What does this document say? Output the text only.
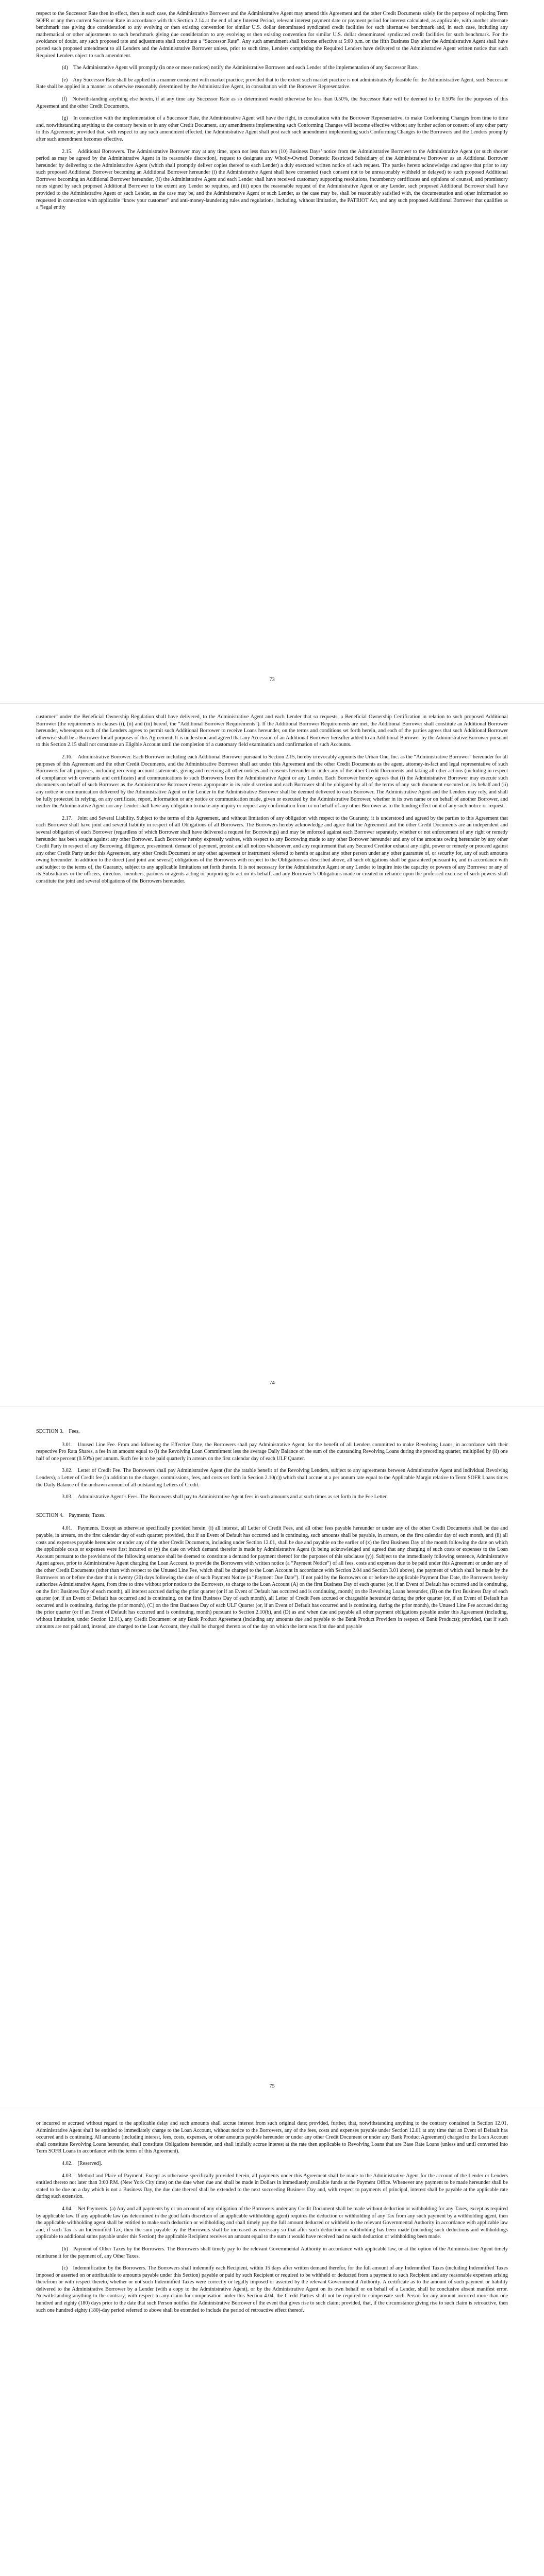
respect to the Successor Rate then in effect, then in each case, the Administrative Borrower and the Administrative Agent may amend this Agreement and the other Credit Documents solely for the purpose of replacing Term SOFR or any then current Successor Rate in accordance with this Section 2.14 at the end of any Interest Period, relevant interest payment date or payment period for interest calculated, as applicable, with another alternate benchmark rate giving due consideration to any evolving or then existing convention for similar U.S. dollar denominated syndicated credit facilities for such alternative benchmark and, in each case, including any mathematical or other adjustments to such benchmark giving due consideration to any evolving or then existing convention for similar U.S. dollar denominated syndicated credit facilities for such benchmark. For the avoidance of doubt, any such proposed rate and adjustments shall constitute a “Successor Rate”. Any such amendment shall become effective at 5:00 p.m. on the fifth Business Day after the Administrative Agent shall have posted such proposed amendment to all Lenders and the Administrative Borrower unless, prior to such time, Lenders comprising the Required Lenders have delivered to the Administrative Agent written notice that such Required Lenders object to such amendment.

(d) The Administrative Agent will promptly (in one or more notices) notify the Administrative Borrower and each Lender of the implementation of any Successor Rate.

(e) Any Successor Rate shall be applied in a manner consistent with market practice; provided that to the extent such market practice is not administratively feasible for the Administrative Agent, such Successor Rate shall be applied in a manner as otherwise reasonably determined by the Administrative Agent, in consultation with the Borrower Representative.

(f) Notwithstanding anything else herein, if at any time any Successor Rate as so determined would otherwise be less than 0.50%, the Successor Rate will be deemed to be 0.50% for the purposes of this Agreement and the other Credit Documents.

(g) In connection with the implementation of a Successor Rate, the Administrative Agent will have the right, in consultation with the Borrower Representative, to make Conforming Changes from time to time and, notwithstanding anything to the contrary herein or in any other Credit Document, any amendments implementing such Conforming Changes will become effective without any further action or consent of any other party to this Agreement; provided that, with respect to any such amendment effected, the Administrative Agent shall post each such amendment implementing such Conforming Changes to the Borrowers and the Lenders promptly after such amendment becomes effective.

2.15. Additional Borrowers. The Administrative Borrower may at any time, upon not less than ten (10) Business Days’ notice from the Administrative Borrower to the Administrative Agent (or such shorter period as may be agreed by the Administrative Agent in its reasonable discretion), request to designate any Wholly-Owned Domestic Restricted Subsidiary of the Administrative Borrower as an Additional Borrower hereunder by delivering to the Administrative Agent (which shall promptly deliver copies thereof to each Lender) a duly executed written notice of such request. The parties hereto acknowledge and agree that prior to any such proposed Additional Borrower becoming an Additional Borrower hereunder (i) the Administrative Agent shall have consented (such consent not to be unreasonably withheld or delayed) to such proposed Additional Borrower becoming an Additional Borrower hereunder, (ii) the Administrative Agent and each Lender shall have received customary supporting resolutions, incumbency certificates and opinions of counsel, and promissory notes signed by such proposed Additional Borrower to the extent any Lender so requires, and (iii) upon the reasonable request of the Administrative Agent or any Lender, such proposed Additional Borrower shall have provided to the Administrative Agent or such Lender, as the case may be, and the Administrative Agent or such Lender, as the case may be, shall be reasonably satisfied with, the documentation and other information so requested in connection with applicable “know your customer” and anti-money-laundering rules and regulations, including, without limitation, the PATRIOT Act, and any such proposed Additional Borrower that qualifies as a “legal entity

73

customer” under the Beneficial Ownership Regulation shall have delivered, to the Administrative Agent and each Lender that so requests, a Beneficial Ownership Certification in relation to such proposed Additional Borrower (the requirements in clauses (i), (ii) and (iii) hereof, the “Additional Borrower Requirements”). If the Additional Borrower Requirements are met, the Additional Borrower shall constitute an Additional Borrower hereunder, whereupon each of the Lenders agrees to permit such Additional Borrower to receive Loans hereunder, on the terms and conditions set forth herein, and each of the parties agrees that such Additional Borrower otherwise shall be a Borrower for all purposes of this Agreement. It is understood and agreed that any Accession of an Additional Borrower hereafter added to an Additional Borrower by the Administrative Borrower pursuant to this Section 2.15 shall not constitute an Eligible Account until the completion of a customary field examination and confirmation of such Accounts.

2.16. Administrative Borrower. Each Borrower including each Additional Borrower pursuant to Section 2.15, hereby irrevocably appoints the Urban One, Inc. as the “Administrative Borrower” hereunder for all purposes of this Agreement and the other Credit Documents, and the Administrative Borrower shall act under this Agreement and the other Credit Documents as the agent, attorney-in-fact and legal representative of such Borrowers for all purposes, including receiving account statements, giving and receiving all other notices and consents hereunder or under any of the other Credit Documents and taking all other actions (including in respect of compliance with covenants and certificates) and communications to such Borrowers from the Administrative Agent or any Lender. Each Borrower hereby agrees that (i) the Administrative Borrower may execute such documents on behalf of such Borrower as the Administrative Borrower deems appropriate in its sole discretion and each Borrower shall be obligated by all of the terms of any such document executed on its behalf and (ii) any notice or communication delivered by the Administrative Agent or the Lender to the Administrative Borrower shall be deemed delivered to each Borrower. The Administrative Agent and the Lenders may rely, and shall be fully protected in relying, on any certificate, report, information or any notice or communication made, given or executed by the Administrative Borrower, whether in its own name or on behalf of another Borrower, and neither the Administrative Agent nor any Lender shall have any obligation to make any inquiry or request any confirmation from or on behalf of any other Borrower as to the binding effect on it of any such notice or request.

2.17. Joint and Several Liability. Subject to the terms of this Agreement, and without limitation of any obligation with respect to the Guaranty, it is understood and agreed by the parties to this Agreement that each Borrower shall have joint and several liability in respect of all Obligations of all Borrowers. The Borrowers hereby acknowledge and agree that the Agreement and the other Credit Documents are an independent and several obligation of each Borrower (regardless of which Borrower shall have delivered a request for Borrowings) and may be enforced against each Borrower separately, whether or not enforcement of any right or remedy hereunder has been sought against any other Borrower. Each Borrower hereby expressly waives, with respect to any Borrowing made to any other Borrower hereunder and any of the amounts owing hereunder by any other Credit Party in respect of any Borrowing, diligence, presentment, demand of payment, protest and all notices whatsoever, and any requirement that any Secured Creditor exhaust any right, power or remedy or proceed against any other Credit Party under this Agreement, any other Credit Document or any other agreement or instrument referred to herein or against any other person under any other guarantee of, or security for, any of such amounts owing hereunder. In addition to the direct (and joint and several) obligations of the Borrowers with respect to the Obligations as described above, all such obligations shall be guaranteed pursuant to, and in accordance with and subject to the terms of, the Guaranty, subject to any applicable limitations set forth therein. It is not necessary for the Administrative Agent or any Lender to inquire into the capacity or powers of any Borrower or any of its Subsidiaries or the officers, directors, members, partners or agents acting or purporting to act on its behalf, and any Borrower’s Obligations made or created in reliance upon the professed exercise of such powers shall constitute the joint and several obligations of the Borrowers hereunder.

74

SECTION 3. Fees.

3.01. Unused Line Fee. From and following the Effective Date, the Borrowers shall pay Administrative Agent, for the benefit of all Lenders committed to make Revolving Loans, in accordance with their respective Pro Rata Shares, a fee in an amount equal to (i) the Revolving Loan Commitment less the average Daily Balance of the sum of the outstanding Revolving Loans during the preceding quarter, multiplied by (ii) one half of one percent (0.50%) per annum. Such fee is to be paid quarterly in arrears on the first calendar day of each ULF Quarter.

3.02. Letter of Credit Fee. The Borrowers shall pay Administrative Agent (for the ratable benefit of the Revolving Lenders, subject to any agreements between Administrative Agent and individual Revolving Lenders), a Letter of Credit fee (in addition to the charges, commissions, fees, and costs set forth in Section 2.10(c)) which shall accrue at a per annum rate equal to the Applicable Margin relative to Term SOFR Loans times the Daily Balance of the undrawn amount of all outstanding Letters of Credit.

3.03. Administrative Agent’s Fees. The Borrowers shall pay to Administrative Agent fees in such amounts and at such times as set forth in the Fee Letter.

SECTION 4. Payments; Taxes.

4.01. Payments. Except as otherwise specifically provided herein, (i) all interest, all Letter of Credit Fees, and all other fees payable hereunder or under any of the other Credit Documents shall be due and payable, in arrears, on the first calendar day of each quarter; provided, that if an Event of Default has occurred and is continuing, such amounts shall be payable, in arrears, on the first calendar day of each month, and (ii) all costs and expenses payable hereunder or under any of the other Credit Documents, including under Section 12.01, shall be due and payable on the earlier of (x) the first Business Day of the month following the date on which the applicable costs or expenses were first incurred or (y) the date on which demand therefor is made by Administrative Agent (it being acknowledged and agreed that any charging of such costs or expenses to the Loan Account pursuant to the provisions of the following sentence shall be deemed to constitute a demand for payment thereof for the purposes of this subclause (y)). Subject to the immediately following sentence, Administrative Agent agrees, prior to Administrative Agent charging the Loan Account, to provide the Borrowers with written notice (a “Payment Notice”) of all fees, costs and expenses due to be paid under this Agreement or under any of the other Credit Documents (other than with respect to the Unused Line Fee, which shall be charged to the Loan Account in accordance with Section 2.04 and Section 3.01 above), the payment of which shall be made by the Borrowers on or before the date that is twenty (20) days following the date of such Payment Notice (a “Payment Due Date”). If not paid by the Borrowers on or before the applicable Payment Due Date, the Borrowers hereby authorizes Administrative Agent, from time to time without prior notice to the Borrowers, to charge to the Loan Account (A) on the first Business Day of each quarter (or, if an Event of Default has occurred and is continuing, on the first Business Day of each month), all interest accrued during the prior quarter (or if an Event of Default has occurred and is continuing, month) on the Revolving Loans hereunder, (B) on the first Business Day of each quarter (or, if an Event of Default has occurred and is continuing, on the first Business Day of each month), all Letter of Credit Fees accrued or chargeable hereunder during the prior quarter (or, if an Event of Default has occurred and is continuing, during the prior month), (C) on the first Business Day of each ULF Quarter (or, if an Event of Default has occurred and is continuing, during the prior month), the Unused Line Fee accrued during the prior quarter (or if an Event of Default has occurred and is continuing, month) pursuant to Section 2.10(b), and (D) as and when due and payable all other payment obligations payable under this Agreement (including, without limitation, under Section 12.01), any Credit Document or any Bank Product Agreement (including any amounts due and payable to the Bank Product Providers in respect of Bank Products); provided, that if such amounts are not paid and, instead, are charged to the Loan Account, they shall be charged thereto as of the day on which the item was first due and payable

75

or incurred or accrued without regard to the applicable delay and such amounts shall accrue interest from such original date; provided, further, that, notwithstanding anything to the contrary contained in Section 12.01, Administrative Agent shall be entitled to immediately charge to the Loan Account, without notice to the Borrowers, any of the fees, costs and expenses payable under Section 12.01 at any time that an Event of Default has occurred and is continuing. All amounts (including interest, fees, costs, expenses, or other amounts payable hereunder or under any other Credit Document or under any Bank Product Agreement) charged to the Loan Account shall constitute Revolving Loans hereunder, shall constitute Obligations hereunder, and shall initially accrue interest at the rate then applicable to Revolving Loans that are Base Rate Loans (unless and until converted into Term SOFR Loans in accordance with the terms of this Agreement).

4.02. [Reserved].

4.03. Method and Place of Payment. Except as otherwise specifically provided herein, all payments under this Agreement shall be made to the Administrative Agent for the account of the Lender or Lenders entitled thereto not later than 3:00 P.M. (New York City time) on the date when due and shall be made in Dollars in immediately available funds at the Payment Office. Whenever any payment to be made hereunder shall be stated to be due on a day which is not a Business Day, the due date thereof shall be extended to the next succeeding Business Day and, with respect to payments of principal, interest shall be payable at the applicable rate during such extension.

4.04. Net Payments. (a) Any and all payments by or on account of any obligation of the Borrowers under any Credit Document shall be made without deduction or withholding for any Taxes, except as required by applicable law. If any applicable law (as determined in the good faith discretion of an applicable withholding agent) requires the deduction or withholding of any Tax from any such payment by a withholding agent, then the applicable withholding agent shall be entitled to make such deduction or withholding and shall timely pay the full amount deducted or withheld to the relevant Governmental Authority in accordance with applicable law and, if such Tax is an Indemnified Tax, then the sum payable by the Borrowers shall be increased as necessary so that after such deduction or withholding has been made (including such deductions and withholdings applicable to additional sums payable under this Section) the applicable Recipient receives an amount equal to the sum it would have received had no such deduction or withholding been made.

(b) Payment of Other Taxes by the Borrowers. The Borrowers shall timely pay to the relevant Governmental Authority in accordance with applicable law, or at the option of the Administrative Agent timely reimburse it for the payment of, any Other Taxes.

(c) Indemnification by the Borrowers. The Borrowers shall indemnify each Recipient, within 15 days after written demand therefor, for the full amount of any Indemnified Taxes (including Indemnified Taxes imposed or asserted on or attributable to amounts payable under this Section) payable or paid by such Recipient or required to be withheld or deducted from a payment to such Recipient and any reasonable expenses arising therefrom or with respect thereto, whether or not such Indemnified Taxes were correctly or legally imposed or asserted by the relevant Governmental Authority. A certificate as to the amount of such payment or liability delivered to the Administrative Borrower by a Lender (with a copy to the Administrative Agent), or by the Administrative Agent on its own behalf or on behalf of a Lender, shall be conclusive absent manifest error. Notwithstanding anything to the contrary, with respect to any claim for compensation under this Section 4.04, the Credit Parties shall not be required to compensate such Person for any amount incurred more than one hundred and eighty (180) days prior to the date that such Person notifies the Administrative Borrower of the event that gives rise to such claim; provided, that, if the circumstance giving rise to such claim is retroactive, then such one hundred eighty (180)-day period referred to above shall be extended to include the period of retroactive effect thereof.
